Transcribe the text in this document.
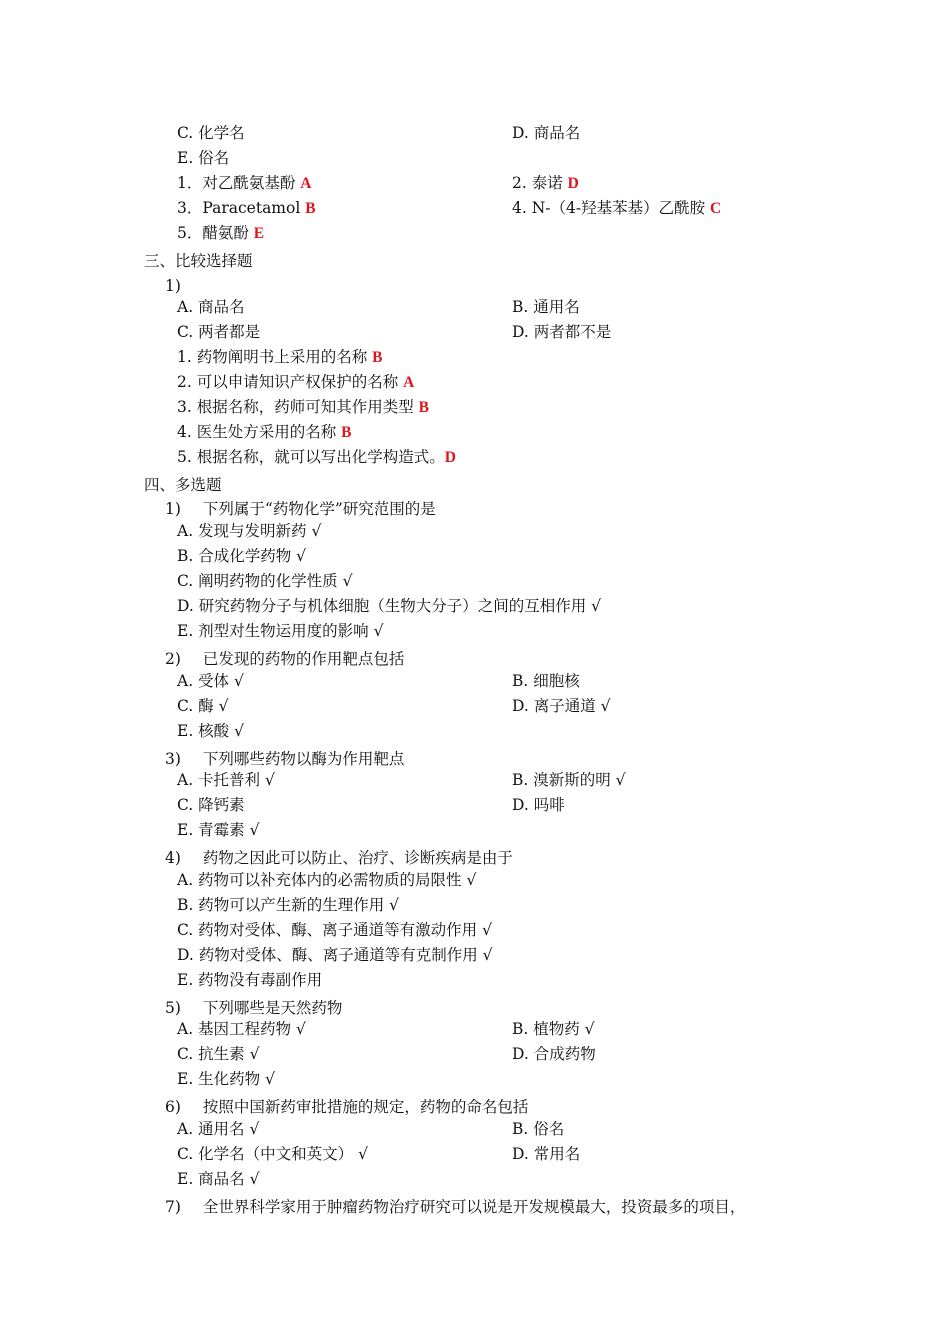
C. 化学名	D. 商品名
E. 俗名
1．对乙酰氨基酚 A	2. 泰诺 D
3．Paracetamol B	4. N-（4-羟基苯基）乙酰胺 C
5．醋氨酚 E
三、比较选择题
1)
A. 商品名	B. 通用名
C. 两者都是	D. 两者都不是
1. 药物阐明书上采用的名称 B
2. 可以申请知识产权保护的名称 A
3. 根据名称，药师可知其作用类型 B
4. 医生处方采用的名称 B
5. 根据名称，就可以写出化学构造式。D
四、多选题
1) 下列属于“药物化学”研究范围的是
A. 发现与发明新药 √
B. 合成化学药物 √
C. 阐明药物的化学性质 √
D. 研究药物分子与机体细胞（生物大分子）之间的互相作用 √
E. 剂型对生物运用度的影响 √
2) 已发现的药物的作用靶点包括
A. 受体 √	B. 细胞核
C. 酶 √	D. 离子通道 √
E. 核酸 √
3) 下列哪些药物以酶为作用靶点
A. 卡托普利 √	B. 溴新斯的明 √
C. 降钙素	D. 吗啡
E. 青霉素 √
4) 药物之因此可以防止、治疗、诊断疾病是由于
A. 药物可以补充体内的必需物质的局限性 √
B. 药物可以产生新的生理作用 √
C. 药物对受体、酶、离子通道等有激动作用 √
D. 药物对受体、酶、离子通道等有克制作用 √
E. 药物没有毒副作用
5) 下列哪些是天然药物
A. 基因工程药物 √	B. 植物药 √
C. 抗生素 √	D. 合成药物
E. 生化药物 √
6) 按照中国新药审批措施的规定，药物的命名包括
A. 通用名 √	B. 俗名
C. 化学名（中文和英文） √	D. 常用名
E. 商品名 √
7) 全世界科学家用于肿瘤药物治疗研究可以说是开发规模最大，投资最多的项目，
